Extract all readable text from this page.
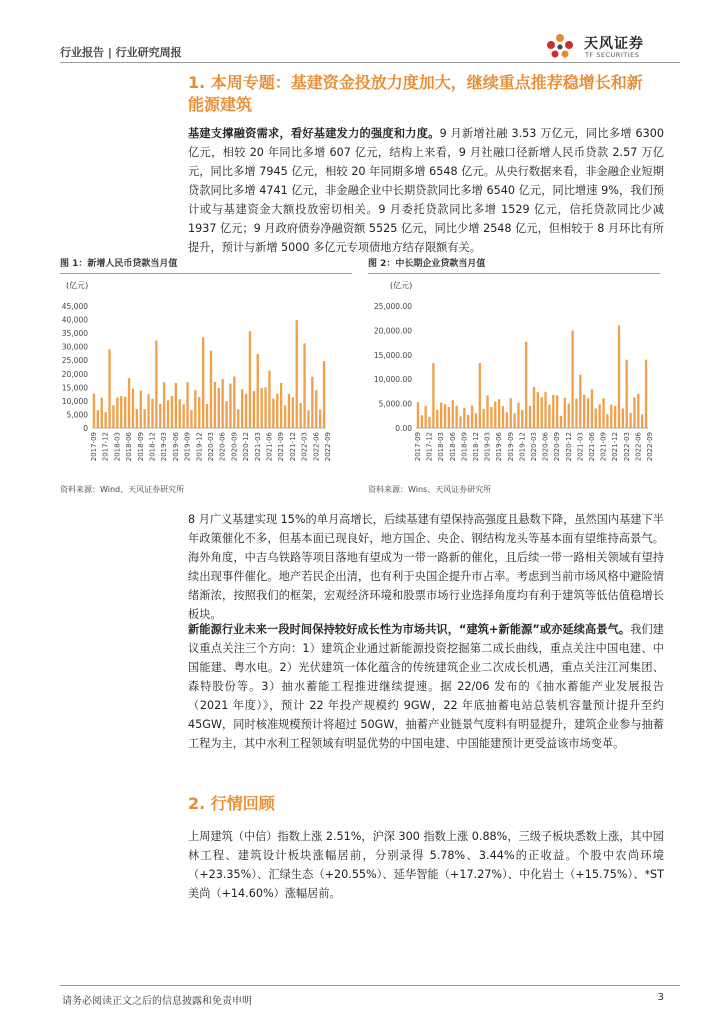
行业报告 | 行业研究周报
天风证券
TF SECURITIES
1. 本周专题：基建资金投放力度加大，继续重点推荐稳增长和新
能源建筑
基建支撑融资需求，看好基建发力的强度和力度。9 月新增社融 3.53 万亿元，同比多增 6300 亿元，相较 20 年同比多增 607 亿元，结构上来看，9 月社融口径新增人民币贷款 2.57 万亿元，同比多增 7945 亿元，相较 20 年同期多增 6548 亿元。从央行数据来看，非金融企业短期贷款同比多增 4741 亿元，非金融企业中长期贷款同比多增 6540 亿元，同比增速 9%，我们预计或与基建资金大额投放密切相关。9 月委托贷款同比多增 1529 亿元，信托贷款同比少减 1937 亿元；9 月政府债券净融资额 5525 亿元，同比少增 2548 亿元，但相较于 8 月环比有所提升，预计与新增 5000 多亿元专项债地方结存限额有关。
图 1：新增人民币贷款当月值
(亿元)
0
5,000
10,000
15,000
20,000
25,000
30,000
35,000
40,000
45,000
2017-09 2017-12 2018-03 2018-06 2018-09 2018-12 2019-03 2019-06 2019-09 2019-12 2020-03 2020-06 2020-09 2020-12 2021-03 2021-06 2021-09 2021-12 2022-03 2022-06 2022-09
资料来源：Wind、天风证券研究所
图 2：中长期企业贷款当月值
(亿元)
0.00
5,000.00
10,000.00
15,000.00
20,000.00
25,000.00
2017-09 2017-12 2018-03 2018-06 2018-09 2018-12 2019-03 2019-06 2019-09 2019-12 2020-03 2020-06 2020-09 2020-12 2021-03 2021-06 2021-09 2021-12 2022-03 2022-06 2022-09
资料来源：Wins、天风证券研究所
8 月广义基建实现 15%的单月高增长，后续基建有望保持高强度且悬数下降，虽然国内基建下半年政策催化不多，但基本面已现良好，地方国企、央企、钢结构龙头等基本面有望维持高景气。海外角度，中吉乌铁路等项目落地有望成为一带一路新的催化，且后续一带一路相关领域有望持续出现事件催化。地产若民企出清，也有利于央国企提升市占率。考虑到当前市场风格中避险情绪渐浓，按照我们的框架，宏观经济环境和股票市场行业选择角度均有利于建筑等低估值稳增长板块。
新能源行业未来一段时间保持较好成长性为市场共识，“建筑+新能源”或亦延续高景气。我们建议重点关注三个方向：1）建筑企业通过新能源投资挖掘第二成长曲线，重点关注中国电建、中国能建、粤水电。2）光伏建筑一体化蕴含的传统建筑企业二次成长机遇，重点关注江河集团、森特股份等。3）抽水蓄能工程推进继续提速。据 22/06 发布的《抽水蓄能产业发展报告（2021 年度）》，预计 22 年投产规模约 9GW，22 年底抽蓄电站总装机容量预计提升至约 45GW，同时核准规模预计将超过 50GW，抽蓄产业链景气度料有明显提升，建筑企业参与抽蓄工程为主，其中水利工程领域有明显优势的中国电建、中国能建预计更受益该市场变革。
2. 行情回顾
上周建筑（中信）指数上涨 2.51%，沪深 300 指数上涨 0.88%，三级子板块悉数上涨，其中园林工程、建筑设计板块涨幅居前，分别录得 5.78%、3.44%的正收益。个股中农尚环境（+23.35%）、汇绿生态（+20.55%）、延华智能（+17.27%）、中化岩土（+15.75%）、*ST 美尚（+14.60%）涨幅居前。
请务必阅读正文之后的信息披露和免责申明	3
